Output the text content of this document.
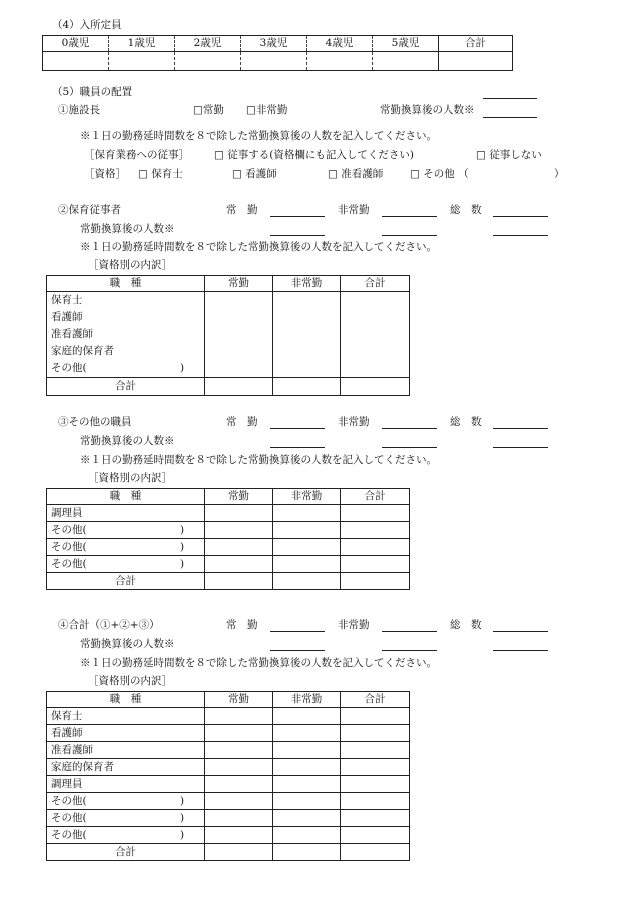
（4）入所定員
0歳児	1歳児	2歳児	3歳児	4歳児	5歳児	合計

（5）職員の配置
①施設長	□常勤 □非常勤	常勤換算後の人数※
※１日の勤務延時間数を８で除した常勤換算後の人数を記入してください。
［保育業務への従事］ □ 従事する(資格欄にも記入してください)	□ 従事しない
［資格］ □ 保育士	□ 看護師	□ 准看護師	□ その他 （	）
②保育従事者	常　勤	非常勤	総　数
常勤換算後の人数※
※１日の勤務延時間数を８で除した常勤換算後の人数を記入してください。
［資格別の内訳］
職　種	常勤	非常勤	合計
保育士			
看護師			
准看護師			
家庭的保育者			
その他( )			

合計			
③その他の職員	常　勤	非常勤	総　数
常勤換算後の人数※
※１日の勤務延時間数を８で除した常勤換算後の人数を記入してください。
［資格別の内訳］
職　種	常勤	非常勤	合計
調理員			
その他( )			

その他( )			

その他( )			

合計			
④合計（①+②+③）	常　勤	非常勤	総　数
常勤換算後の人数※
※１日の勤務延時間数を８で除した常勤換算後の人数を記入してください。
［資格別の内訳］
職　種	常勤	非常勤	合計
保育士			
看護師			
准看護師			
家庭的保育者			
調理員			
その他( )			

その他( )			

その他( )			

合計			
